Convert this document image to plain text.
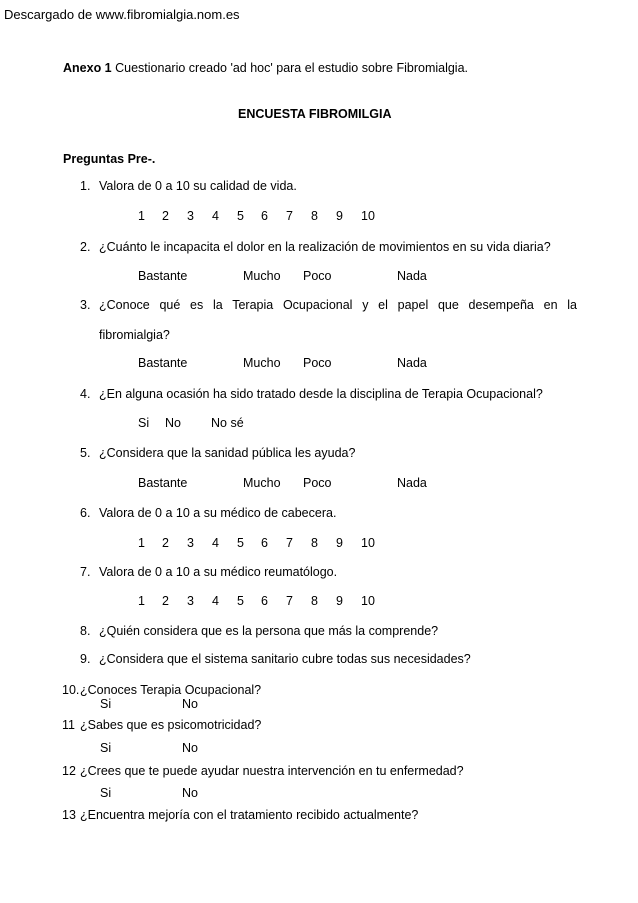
Descargado de www.fibromialgia.nom.es
Anexo 1 Cuestionario creado 'ad hoc' para el estudio sobre Fibromialgia.
ENCUESTA FIBROMILGIA
Preguntas Pre-.
1. Valora de 0 a 10 su calidad de vida.
1 2 3 4 5 6 7 8 9 10
2. ¿Cuánto le incapacita el dolor en la realización de movimientos en su vida diaria?
Bastante	Mucho Poco	Nada
3. ¿Conoce qué es la Terapia Ocupacional y el papel que desempeña en la
fibromialgia?
Bastante	Mucho Poco	Nada
4. ¿En alguna ocasión ha sido tratado desde la disciplina de Terapia Ocupacional?
Si No No sé
5. ¿Considera que la sanidad pública les ayuda?
Bastante	Mucho Poco	Nada
6. Valora de 0 a 10 a su médico de cabecera.
1 2 3 4 5 6 7 8 9 10
7. Valora de 0 a 10 a su médico reumatólogo.
1 2 3 4 5 6 7 8 9 10
8. ¿Quién considera que es la persona que más la comprende?
9. ¿Considera que el sistema sanitario cubre todas sus necesidades?
10. ¿Conoces Terapia Ocupacional?
Si	No
11 ¿Sabes que es psicomotricidad?
Si	No
12 ¿Crees que te puede ayudar nuestra intervención en tu enfermedad?
Si	No
13 ¿Encuentra mejoría con el tratamiento recibido actualmente?
